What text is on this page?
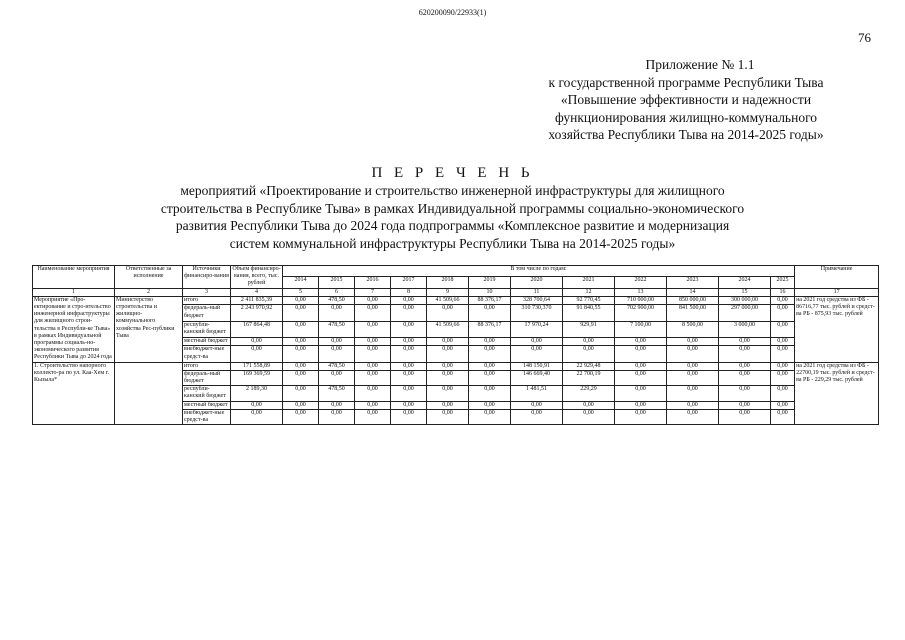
620200090/22933(1)
76
Приложение № 1.1
к государственной программе Республики Тыва
«Повышение эффективности и надежности
функционирования жилищно-коммунального
хозяйства Республики Тыва на 2014-2025 годы»
П Е Р Е Ч Е Н Ь
мероприятий «Проектирование и строительство инженерной инфраструктуры для жилищного
строительства в Республике Тыва» в рамках Индивидуальной программы социально-экономического
развития Республики Тыва до 2024 года подпрограммы «Комплексное развитие и модернизация
систем коммунальной инфраструктуры Республики Тыва на 2014-2025 годы»
Наименование мероприятия	Ответственные за исполнение	Источники финансиро-вания	Объем финансиро-вания, всего, тыс. рублей	В том числе по годам:												Примечание
				2014	2015	2016	2017	2018	2019	2020	2021	2022	2023	2024	2025	
1	2	3	4	5	6	7	8	9	10	11	12	13	14	15	16	17
Мероприятие «Про-ектирование и стро-ительство инженерной инфраструктуры для жилищного строи-тельства в Республи-ке Тыва» в рамках Индивидуальной программы социаль-но-экономического развития Республики Тыва до 2024 года	Министерство строительства и жилищно-коммунального хозяйства Рес-публики Тыва	итого	2 411 835,39	0,00	478,50	0,00	0,00	41 509,66	88 376,17	328 700,64	92 770,45	710 000,00	850 000,00	300 000,00	0,00	на 2021 год средства из ФБ - 86716,77 тыс. рублей и средст-ва РБ - 875,93 тыс. рублей
		федераль-ный бюджет	2 243 970,92	0,00	0,00	0,00	0,00	0,00	0,00	310 730,370	91 840,55	702 900,00	841 500,00	297 000,00	0,00	
		республи-канский бюджет	167 864,48	0,00	478,50	0,00	0,00	41 509,66	88 376,17	17 970,24	929,91	7 100,00	8 500,00	3 000,00	0,00	
		местный бюджет	0,00	0,00	0,00	0,00	0,00	0,00	0,00	0,00	0,00	0,00	0,00	0,00	0,00	
		внебюджет-ные средст-ва	0,00	0,00	0,00	0,00	0,00	0,00	0,00	0,00	0,00	0,00	0,00	0,00	0,00	
1. Строительство напорного коллекто-ра по ул. Каа-Хем г. Кызыла*		итого	171 558,89	0,00	478,50	0,00	0,00	0,00	0,00	148 150,91	22 929,48	0,00	0,00	0,00	0,00	на 2021 год средства из ФБ - 22700,19 тыс. рублей и средст-ва РБ - 229,29 тыс. рублей
		федераль-ный бюджет	169 369,59	0,00	0,00	0,00	0,00	0,00	0,00	146 669,40	22 700,19	0,00	0,00	0,00	0,00	
		республи-канский бюджет	2 189,30	0,00	478,50	0,00	0,00	0,00	0,00	1 481,51	229,29	0,00	0,00	0,00	0,00	
		местный бюджет	0,00	0,00	0,00	0,00	0,00	0,00	0,00	0,00	0,00	0,00	0,00	0,00	0,00	
		внебюджет-ные средст-ва	0,00	0,00	0,00	0,00	0,00	0,00	0,00	0,00	0,00	0,00	0,00	0,00	0,00	
